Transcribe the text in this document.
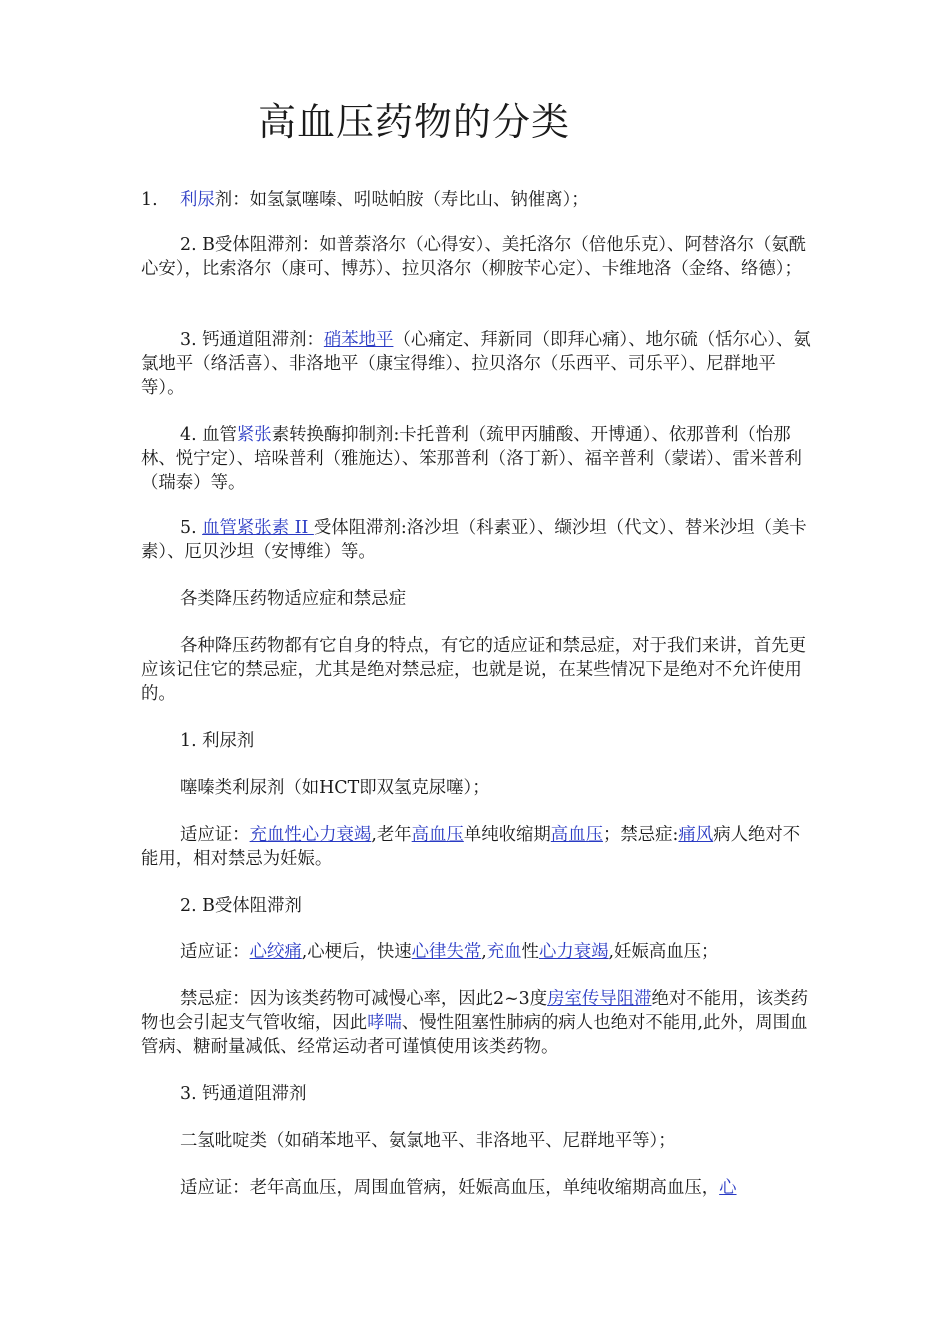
高血压药物的分类
1. 利尿剂：如氢氯噻嗪、吲哒帕胺（寿比山、钠催离）；
2. B受体阻滞剂：如普萘洛尔（心得安）、美托洛尔（倍他乐克）、阿替洛尔（氨酰心安），比索洛尔（康可、博苏）、拉贝洛尔（柳胺苄心定）、卡维地洛（金络、络德）；
3. 钙通道阻滞剂：硝苯地平（心痛定、拜新同（即拜心痛）、地尔硫（恬尔心）、氨氯地平（络活喜）、非洛地平（康宝得维）、拉贝洛尔（乐西平、司乐平）、尼群地平等）。
4. 血管紧张素转换酶抑制剂:卡托普利（巯甲丙脯酸、开博通）、依那普利（怡那林、悦宁定）、培哚普利（雅施达）、笨那普利（洛丁新）、福辛普利（蒙诺）、雷米普利（瑞泰）等。
5. 血管紧张素 II 受体阻滞剂:洛沙坦（科素亚）、缬沙坦（代文）、替米沙坦（美卡素）、厄贝沙坦（安博维）等。
各类降压药物适应症和禁忌症
各种降压药物都有它自身的特点，有它的适应证和禁忌症，对于我们来讲，首先更应该记住它的禁忌症，尤其是绝对禁忌症，也就是说，在某些情况下是绝对不允许使用的。
1. 利尿剂
噻嗪类利尿剂（如HCT即双氢克尿噻）；
适应证：充血性心力衰竭,老年高血压单纯收缩期高血压；禁忌症:痛风病人绝对不能用，相对禁忌为妊娠。
2. B受体阻滞剂
适应证：心绞痛,心梗后，快速心律失常,充血性心力衰竭,妊娠高血压；
禁忌症：因为该类药物可减慢心率，因此2~3度房室传导阻滞绝对不能用，该类药物也会引起支气管收缩，因此哮喘、慢性阻塞性肺病的病人也绝对不能用,此外，周围血管病、糖耐量减低、经常运动者可谨慎使用该类药物。
3. 钙通道阻滞剂
二氢吡啶类（如硝苯地平、氨氯地平、非洛地平、尼群地平等）；
适应证：老年高血压，周围血管病，妊娠高血压，单纯收缩期高血压，心
